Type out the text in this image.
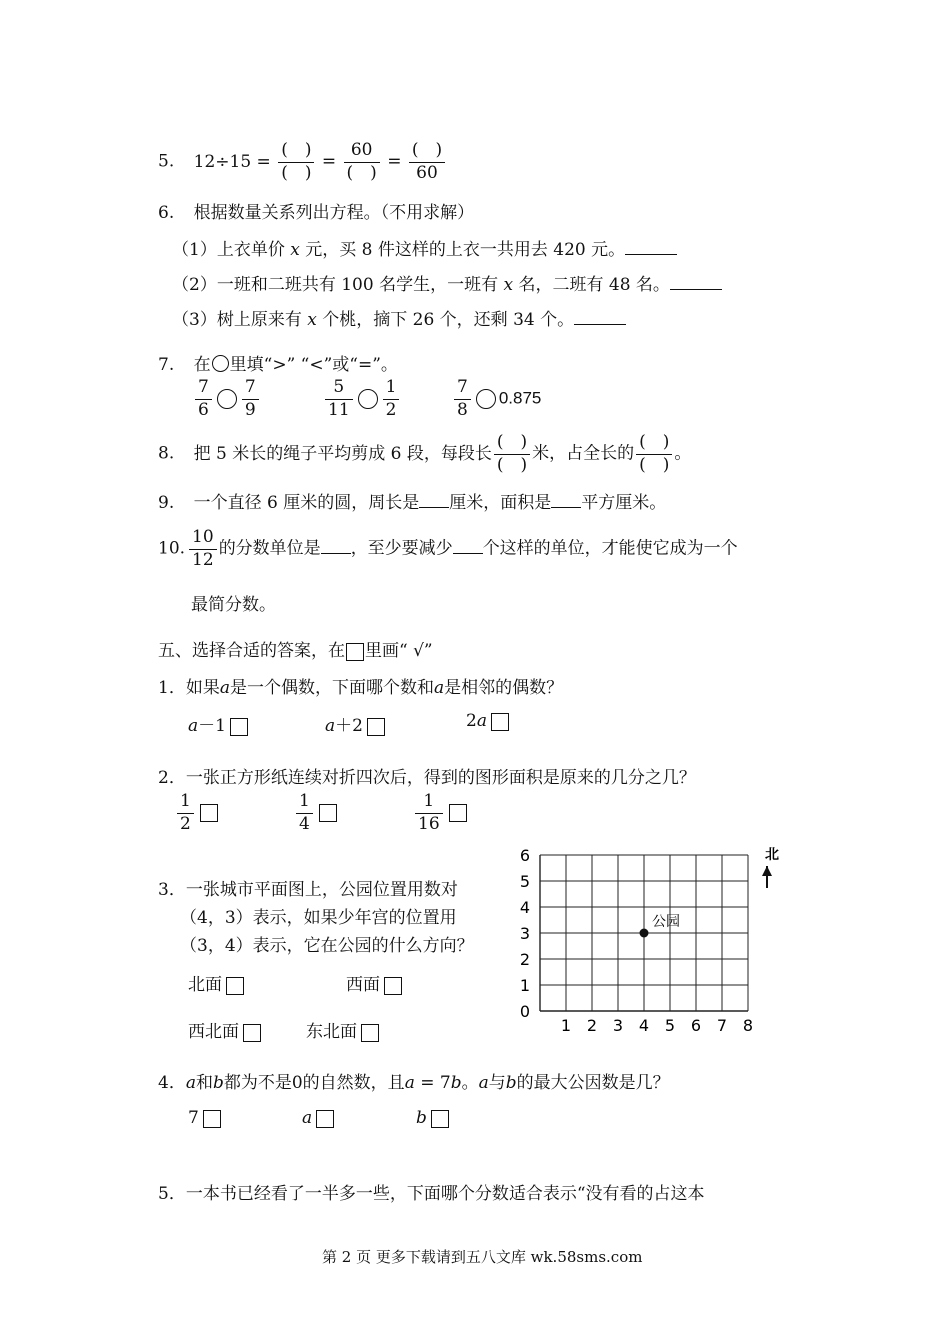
5. $12\div 15 = \frac{( )}{( )} = \frac{60}{( )} = \frac{( )}{60}$
6. 根据数量关系列出方程。（不用求解）
（1）上衣单价 x 元，买 8 件这样的上衣一共用去 420 元。
（2）一班和二班共有 100 名学生，一班有 x 名，二班有 48 名。
（3）树上原来有 x 个桃，摘下 26 个，还剩 34 个。
7. 在 里填“>” “<”或“=”。
$\frac{7}{6} \frac{7}{9}$	$\frac{5}{11} \frac{1}{2}$	$\frac{7}{8} 0.875$
8. 把 5 米长的绳子平均剪成 6 段，每段长 $\frac{( )}{( )}$ 米，占全长的 $\frac{( )}{( )}$ 。
9. 一个直径 6 厘米的圆，周长是 厘米，面积是 平方厘米。
10. $\frac{10}{12}$ 的分数单位是 ，至少要减少 个这样的单位，才能使它成为一个
最简分数。
五、选择合适的答案，在 里画“ √”
1．如果a是一个偶数，下面哪个数和a是相邻的偶数？
a－1	a＋2	2a
2．一张正方形纸连续对折四次后，得到的图形面积是原来的几分之几？
$\frac{1}{2}$	$\frac{1}{4}$	$\frac{1}{16}$
3．一张城市平面图上，公园位置用数对
（4，3）表示，如果少年宫的位置用
（3，4）表示，它在公园的什么方向？
北面	西面
西北面	东北面	1 2 3 4 5 6 7 8
0
1
2
3
4
5
6
公园
北
4．a和b都为不是0的自然数，且a = 7b。a与b的最大公因数是几？
7	a	b
5．一本书已经看了一半多一些，下面哪个分数适合表示“没有看的占这本
第 2 页 更多下载请到五八文库 wk.58sms.com
